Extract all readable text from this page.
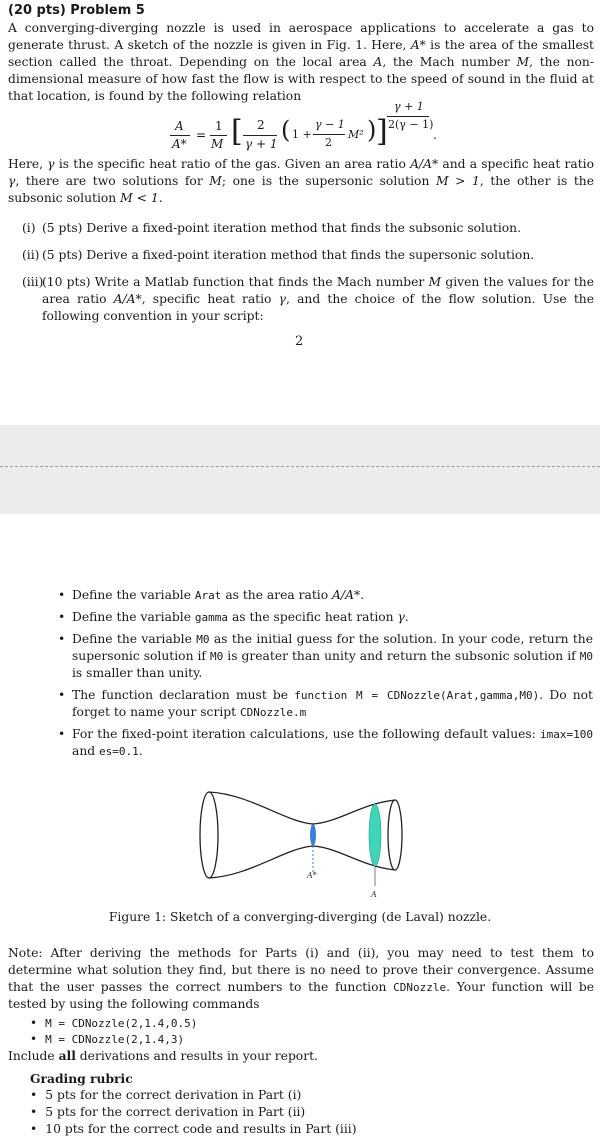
(20 pts) Problem 5
A converging-diverging nozzle is used in aerospace applications to accelerate a gas to generate thrust. A sketch of the nozzle is given in Fig. 1. Here, A* is the area of the smallest section called the throat. Depending on the local area A, the Mach number M, the non-dimensional measure of how fast the flow is with respect to the speed of sound in the fluid at that location, is found by the following relation
A
A*
=
1
M [ 2
γ + 1 ( 1 +
γ − 1
2
M² ) ]
γ + 1
2(γ − 1)
.
Here, γ is the specific heat ratio of the gas. Given an area ratio A/A* and a specific heat ratio γ, there are two solutions for M; one is the supersonic solution M > 1, the other is the subsonic solution M < 1.
(i) (5 pts) Derive a fixed-point iteration method that finds the subsonic solution.
(ii) (5 pts) Derive a fixed-point iteration method that finds the supersonic solution.
(iii)
(10 pts) Write a Matlab function that finds the Mach number M given the values for the area ratio A/A*, specific heat ratio γ, and the choice of the flow solution. Use the following convention in your script:
2
• Define the variable Arat as the area ratio A/A*.
• Define the variable gamma as the specific heat ration γ.
• Define the variable M0 as the initial guess for the solution. In your code, return the supersonic solution if M0 is greater than unity and return the subsonic solution if M0 is smaller than unity.
• The function declaration must be function M = CDNozzle(Arat,gamma,M0). Do not forget to name your script CDNozzle.m
• For the fixed-point iteration calculations, use the following default values: imax=100 and es=0.1.
A*
A
Figure 1: Sketch of a converging-diverging (de Laval) nozzle.
Note: After deriving the methods for Parts (i) and (ii), you may need to test them to determine what solution they find, but there is no need to prove their convergence. Assume that the user passes the correct numbers to the function CDNozzle. Your function will be tested by using the following commands
• M = CDNozzle(2,1.4,0.5)
• M = CDNozzle(2,1.4,3)
Include all derivations and results in your report.
Grading rubric
• 5 pts for the correct derivation in Part (i)
• 5 pts for the correct derivation in Part (ii)
• 10 pts for the correct code and results in Part (iii)
